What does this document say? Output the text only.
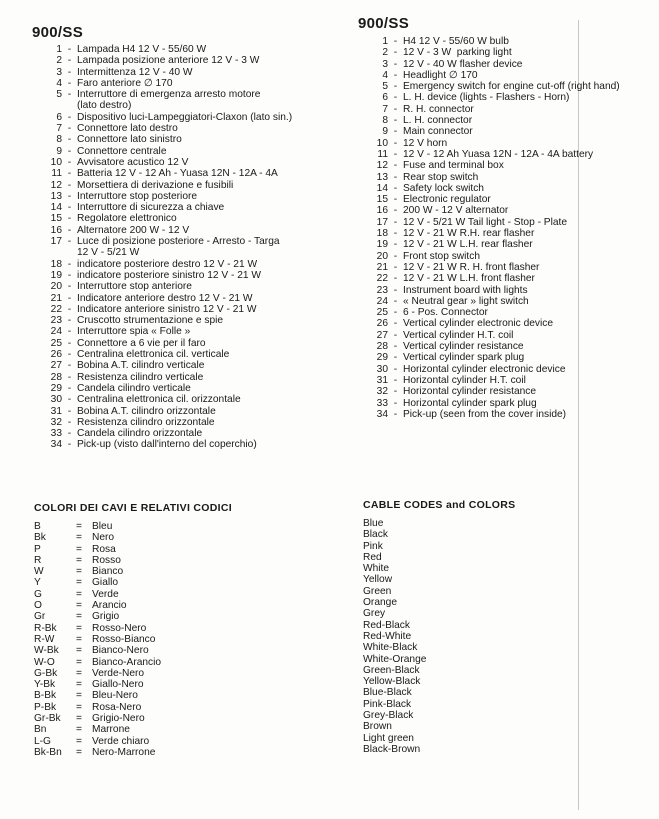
900/SS
1 - Lampada H4 12 V - 55/60 W
2 - Lampada posizione anteriore 12 V - 3 W
3 - Intermittenza 12 V - 40 W
4 - Faro anteriore ∅ 170
5 - Interruttore di emergenza arresto motore
(lato destro)
6 - Dispositivo luci-Lampeggiatori-Claxon (lato sin.)
7 - Connettore lato destro
8 - Connettore lato sinistro
9 - Connettore centrale
10 - Avvisatore acustico 12 V
11 - Batteria 12 V - 12 Ah - Yuasa 12N - 12A - 4A
12 - Morsettiera di derivazione e fusibili
13 - Interruttore stop posteriore
14 - Interruttore di sicurezza a chiave
15 - Regolatore elettronico
16 - Alternatore 200 W - 12 V
17 - Luce di posizione posteriore - Arresto - Targa
12 V - 5/21 W
18 - indicatore posteriore destro 12 V - 21 W
19 - indicatore posteriore sinistro 12 V - 21 W
20 - Interruttore stop anteriore
21 - Indicatore anteriore destro 12 V - 21 W
22 - Indicatore anteriore sinistro 12 V - 21 W
23 - Cruscotto strumentazione e spie
24 - Interruttore spia « Folle »
25 - Connettore a 6 vie per il faro
26 - Centralina elettronica cil. verticale
27 - Bobina A.T. cilindro verticale
28 - Resistenza cilindro verticale
29 - Candela cilindro verticale
30 - Centralina elettronica cil. orizzontale
31 - Bobina A.T. cilindro orizzontale
32 - Resistenza cilindro orizzontale
33 - Candela cilindro orizzontale
34 - Pick-up (visto dall'interno del coperchio)
900/SS
1 - H4 12 V - 55/60 W bulb
2 - 12 V - 3 W  parking light
3 - 12 V - 40 W flasher device
4 - Headlight ∅ 170
5 - Emergency switch for engine cut-off (right hand)
6 - L. H. device (lights - Flashers - Horn)
7 - R. H. connector
8 - L. H. connector
9 - Main connector
10 - 12 V horn
11 - 12 V - 12 Ah Yuasa 12N - 12A - 4A battery
12 - Fuse and terminal box
13 - Rear stop switch
14 - Safety lock switch
15 - Electronic regulator
16 - 200 W - 12 V alternator
17 - 12 V - 5/21 W Tail light - Stop - Plate
18 - 12 V - 21 W R.H. rear flasher
19 - 12 V - 21 W L.H. rear flasher
20 - Front stop switch
21 - 12 V - 21 W R. H. front flasher
22 - 12 V - 21 W L.H. front flasher
23 - Instrument board with lights
24 - « Neutral gear » light switch
25 - 6 - Pos. Connector
26 - Vertical cylinder electronic device
27 - Vertical cylinder H.T. coil
28 - Vertical cylinder resistance
29 - Vertical cylinder spark plug
30 - Horizontal cylinder electronic device
31 - Horizontal cylinder H.T. coil
32 - Horizontal cylinder resistance
33 - Horizontal cylinder spark plug
34 - Pick-up (seen from the cover inside)
COLORI DEI CAVI E RELATIVI CODICI
B	= Bleu
Bk	= Nero
P	= Rosa
R	= Rosso
W	= Bianco
Y	= Giallo
G	= Verde
O	= Arancio
Gr	= Grigio
R-Bk	= Rosso-Nero
R-W	= Rosso-Bianco
W-Bk	= Bianco-Nero
W-O	= Bianco-Arancio
G-Bk	= Verde-Nero
Y-Bk	= Giallo-Nero
B-Bk	= Bleu-Nero
P-Bk	= Rosa-Nero
Gr-Bk	= Grigio-Nero
Bn	= Marrone
L-G	= Verde chiaro
Bk-Bn	= Nero-Marrone
CABLE CODES and COLORS
Blue
Black
Pink
Red
White
Yellow
Green
Orange
Grey
Red-Black
Red-White
White-Black
White-Orange
Green-Black
Yellow-Black
Blue-Black
Pink-Black
Grey-Black
Brown
Light green
Black-Brown
